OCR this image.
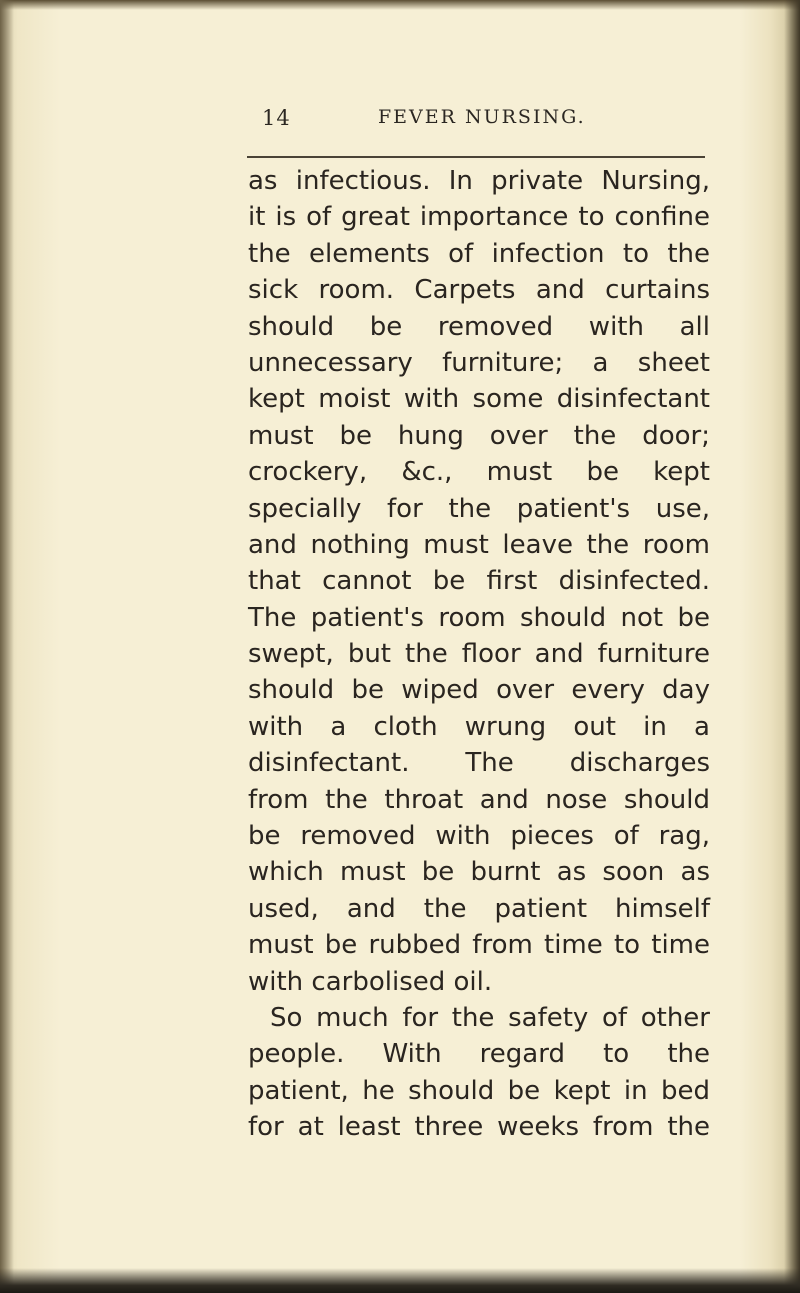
14	FEVER NURSING.
as infectious. In private Nursing,
it is of great importance to confine
the elements of infection to the
sick room. Carpets and curtains
should be removed with all
unnecessary furniture; a sheet
kept moist with some disinfectant
must be hung over the door;
crockery, &c., must be kept
specially for the patient's use,
and nothing must leave the room
that cannot be first disinfected.
The patient's room should not be
swept, but the floor and furniture
should be wiped over every day
with a cloth wrung out in a
disinfectant. The discharges
from the throat and nose should
be removed with pieces of rag,
which must be burnt as soon as
used, and the patient himself
must be rubbed from time to time
with carbolised oil.
So much for the safety of other
people. With regard to the
patient, he should be kept in bed
for at least three weeks from the
